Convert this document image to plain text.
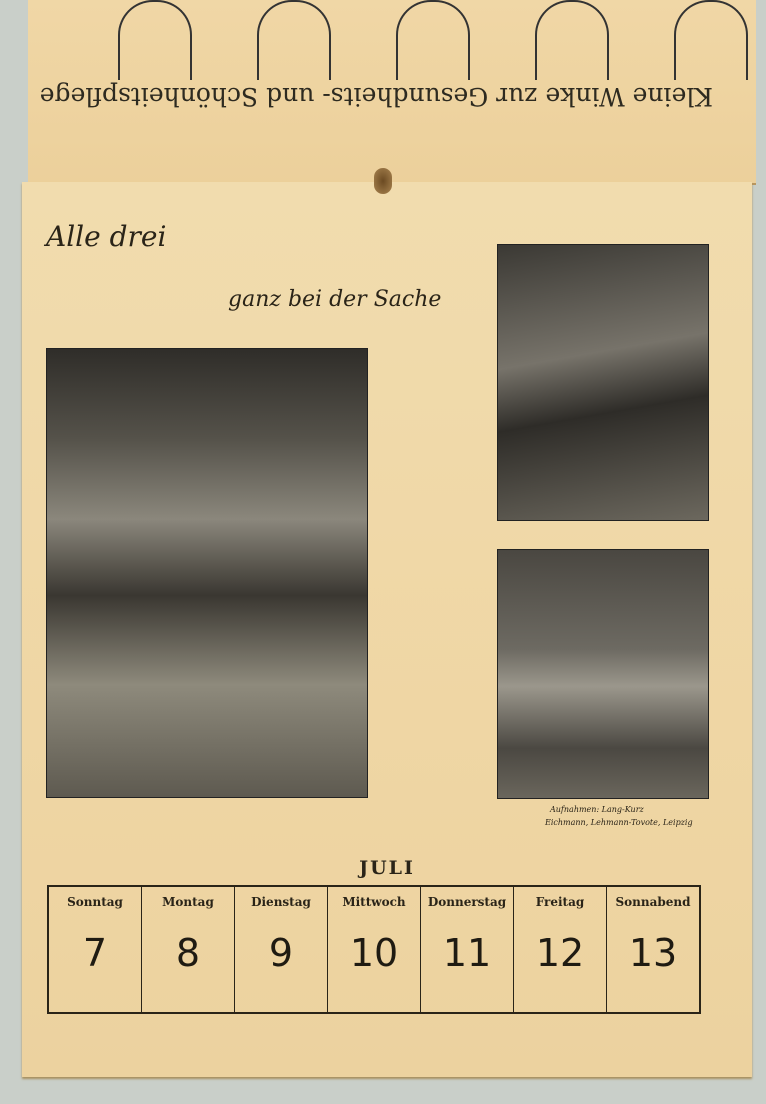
Kleine Winke zur Gesundheits- und Schönheitspflege
Alle drei
ganz bei der Sache
Aufnahmen: Lang-Kurz
Eichmann, Lehmann-Tovote, Leipzig
JULI
Sonntag
7
Montag
8
Dienstag
9
Mittwoch
10
Donnerstag
11
Freitag
12
Sonnabend
13
